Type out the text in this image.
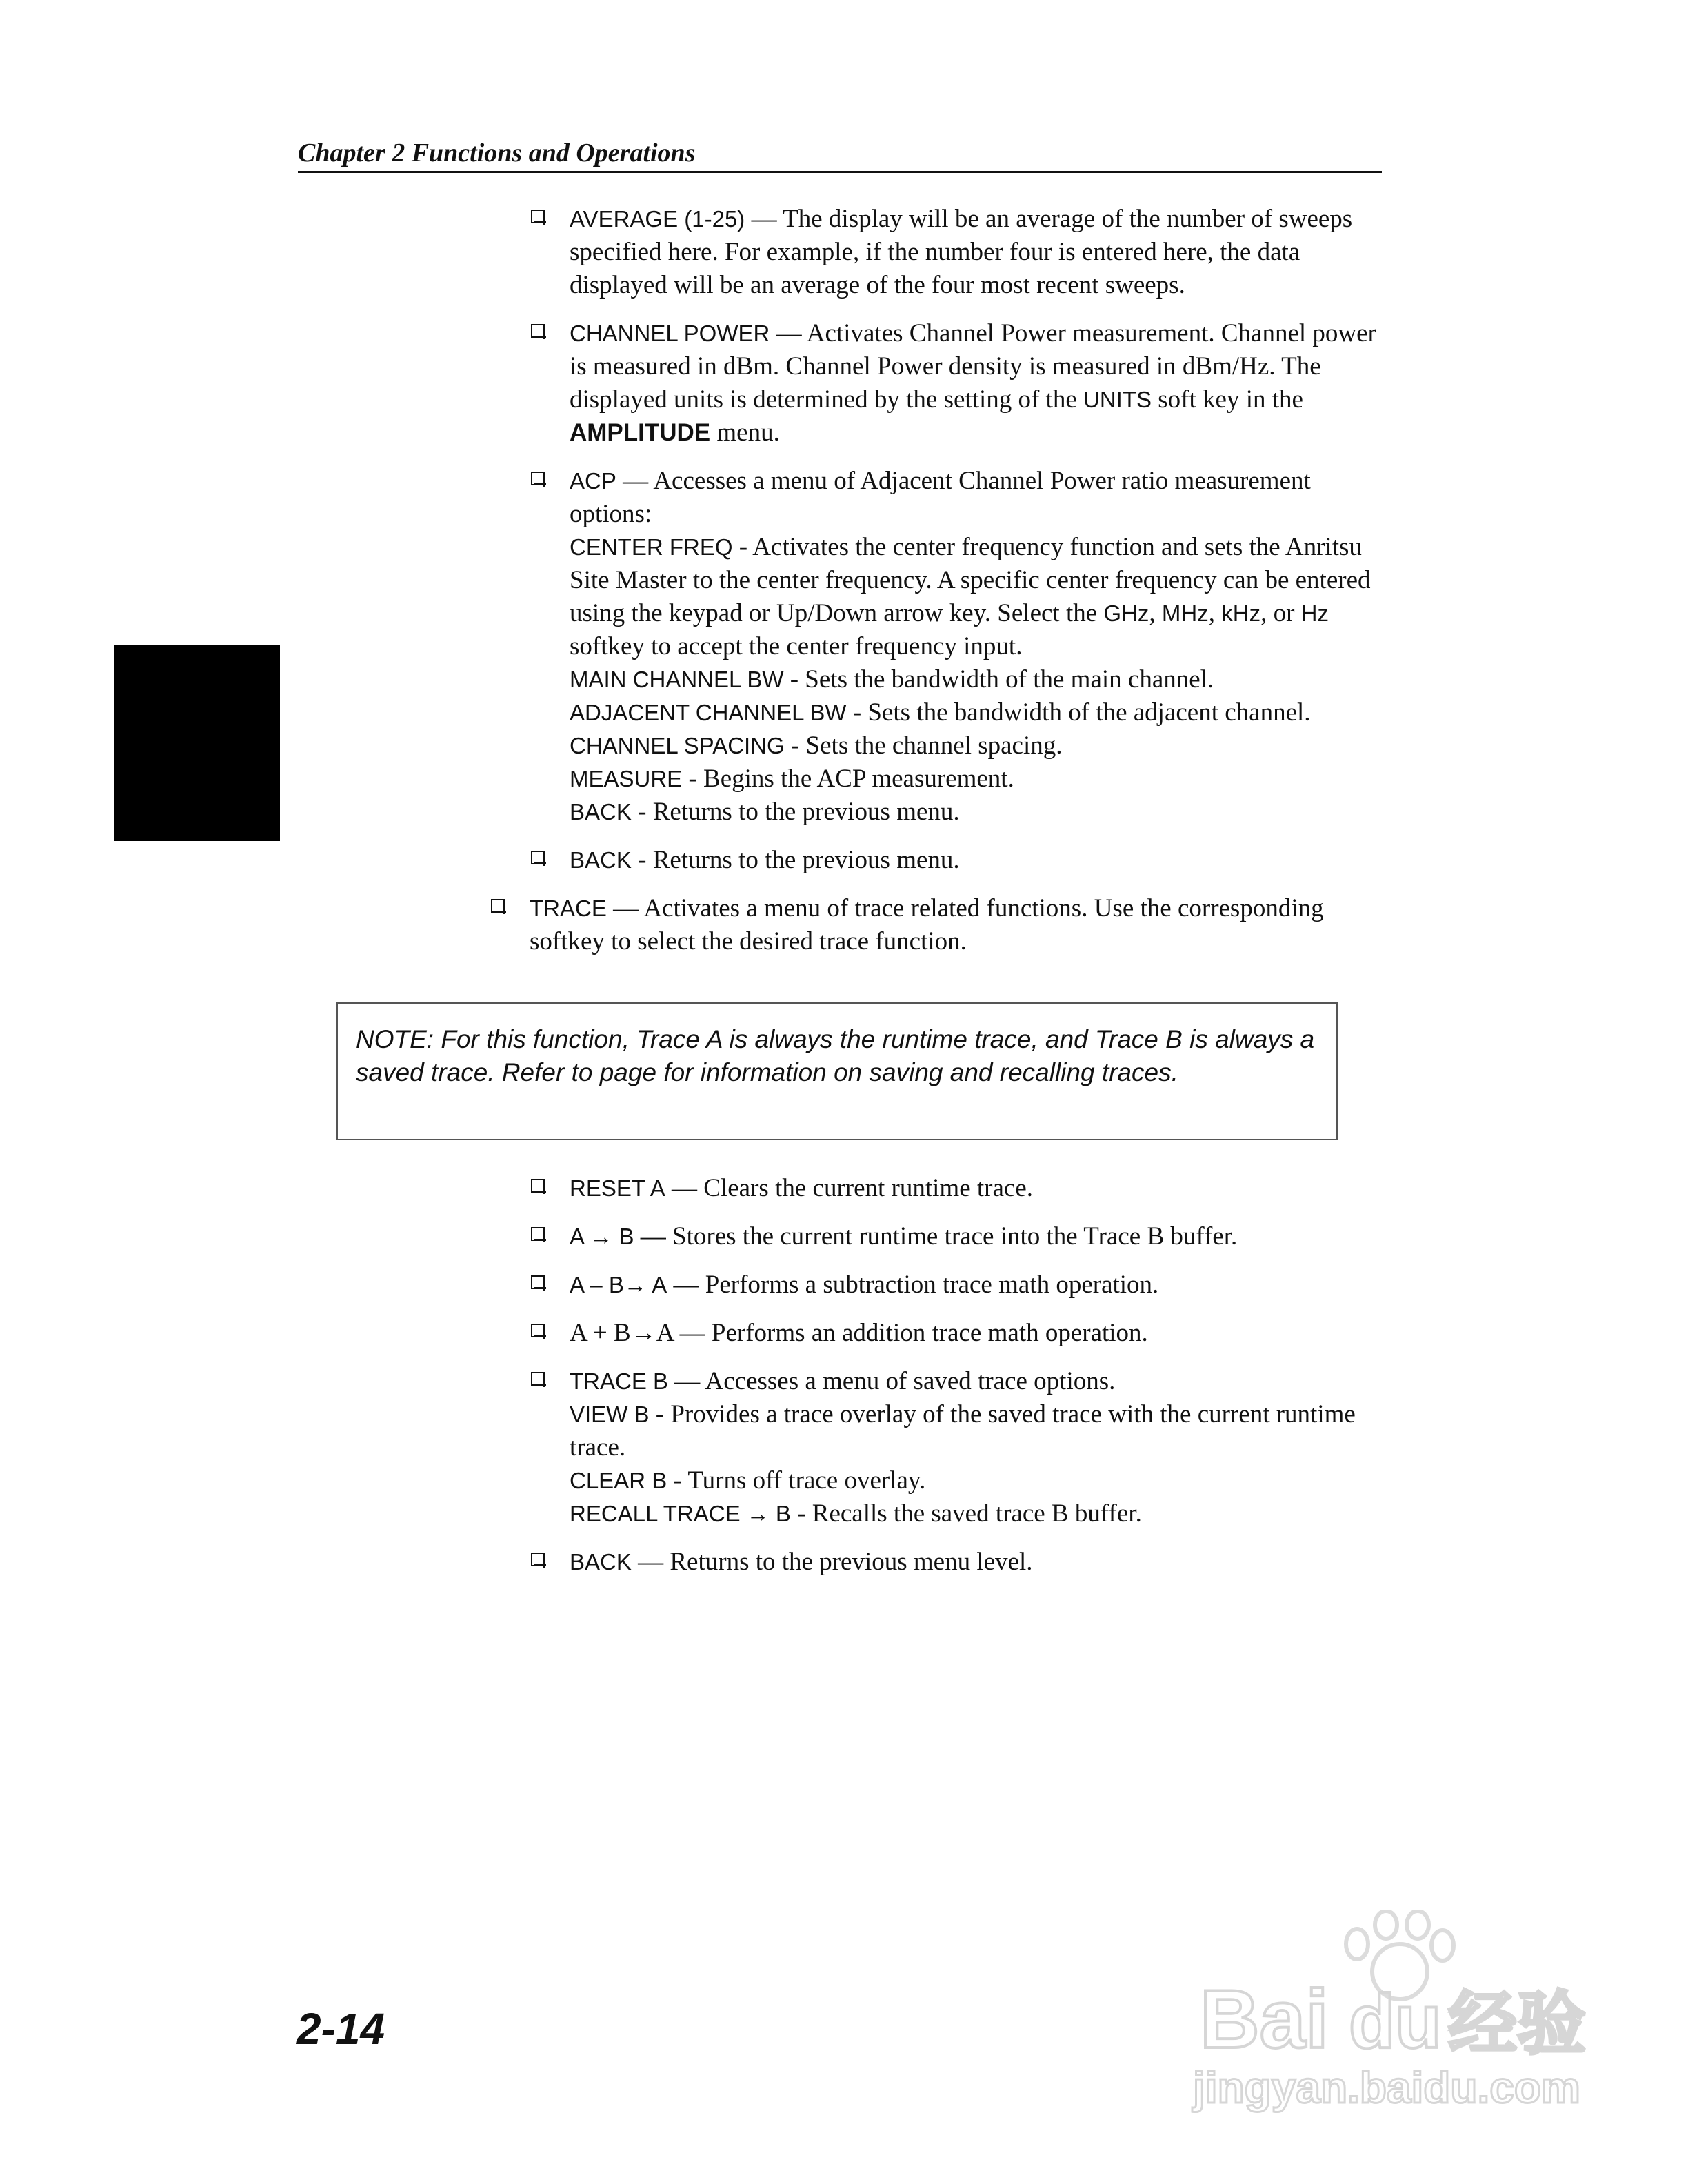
Chapter 2 Functions and Operations
AVERAGE (1-25) — The display will be an average of the number of sweeps specified here. For example, if the number four is entered here, the data displayed will be an average of the four most recent sweeps.
CHANNEL POWER — Activates Channel Power measurement. Channel power is measured in dBm. Channel Power density is measured in dBm/Hz. The displayed units is determined by the setting of the UNITS soft key in the AMPLITUDE menu.
ACP — Accesses a menu of Adjacent Channel Power ratio measurement options:
CENTER FREQ - Activates the center frequency function and sets the Anritsu Site Master to the center frequency. A specific center frequency can be entered using the keypad or Up/Down arrow key. Select the GHz, MHz, kHz, or Hz softkey to accept the center frequency input.
MAIN CHANNEL BW - Sets the bandwidth of the main channel.
ADJACENT CHANNEL BW - Sets the bandwidth of the adjacent channel.
CHANNEL SPACING - Sets the channel spacing.
MEASURE - Begins the ACP measurement.
BACK - Returns to the previous menu.
BACK - Returns to the previous menu.
TRACE — Activates a menu of trace related functions. Use the corresponding softkey to select the desired trace function.
NOTE: For this function, Trace A is always the runtime trace, and Trace B is always a saved trace. Refer to page for information on saving and recalling traces.
RESET A — Clears the current runtime trace.
A → B — Stores the current runtime trace into the Trace B buffer.
A – B→ A — Performs a subtraction trace math operation.
A + B→A — Performs an addition trace math operation.
TRACE B — Accesses a menu of saved trace options.
VIEW B - Provides a trace overlay of the saved trace with the current runtime trace.
CLEAR B - Turns off trace overlay.
RECALL TRACE → B - Recalls the saved trace B buffer.
BACK — Returns to the previous menu level.
2-14	Bai du 经验
jingyan.baidu.com
